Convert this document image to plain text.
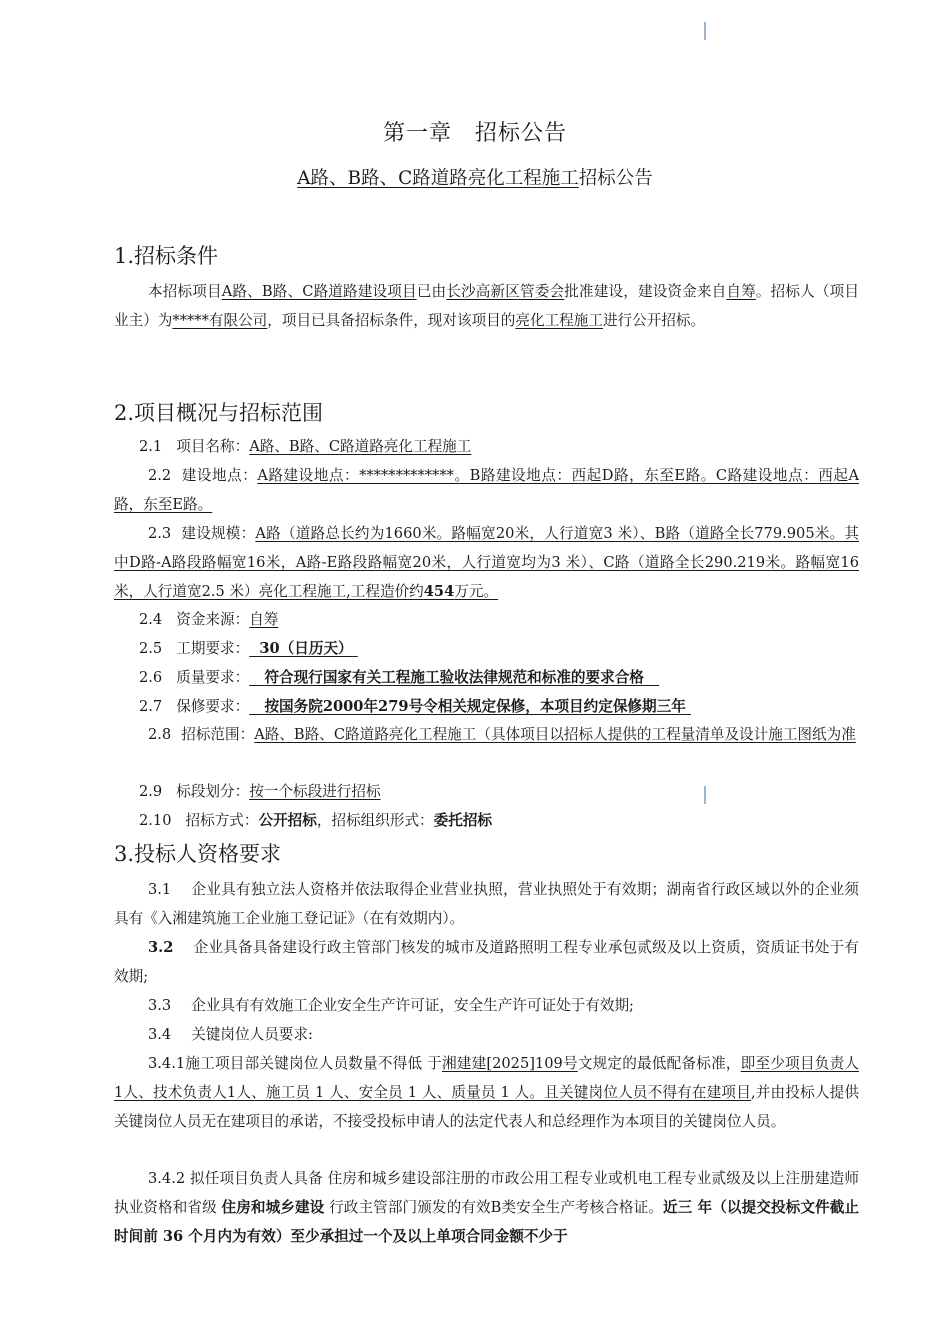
第一章　招标公告
A路、B路、C路道路亮化工程施工招标公告
1.招标条件
本招标项目A路、B路、C路道路建设项目已由长沙高新区管委会批准建设，建设资金来自自筹。招标人（项目业主）为*****有限公司，项目已具备招标条件，现对该项目的亮化工程施工进行公开招标。
2.项目概况与招标范围
2.1 项目名称：A路、B路、C路道路亮化工程施工
2.2 建设地点：A路建设地点：*************。B路建设地点：西起D路，东至E路。C路建设地点：西起A路，东至E路。
2.3 建设规模：A路（道路总长约为1660米。路幅宽20米，人行道宽3 米）、B路（道路全长779.905米。其中D路-A路段路幅宽16米，A路-E路段路幅宽20米，人行道宽均为3 米）、C路（道路全长290.219米。路幅宽16米，人行道宽2.5 米）亮化工程施工,工程造价约454万元。
2.4 资金来源：自筹
2.5 工期要求： 30（日历天）
2.6 质量要求： 符合现行国家有关工程施工验收法律规范和标准的要求合格
2.7 保修要求： 按国务院2000年279号令相关规定保修，本项目约定保修期三年
2.8 招标范围：A路、B路、C路道路亮化工程施工（具体项目以招标人提供的工程量清单及设计施工图纸为准
2.9 标段划分：按一个标段进行招标
2.10 招标方式：公开招标，招标组织形式：委托招标
3.投标人资格要求
3.1 企业具有独立法人资格并依法取得企业营业执照，营业执照处于有效期；湖南省行政区域以外的企业须具有《入湘建筑施工企业施工登记证》（在有效期内）。
3.2 企业具备具备建设行政主管部门核发的城市及道路照明工程专业承包贰级及以上资质，资质证书处于有效期;
3.3 企业具有有效施工企业安全生产许可证，安全生产许可证处于有效期;
3.4 关键岗位人员要求:
3.4.1施工项目部关键岗位人员数量不得低 于湘建建[2025]109号文规定的最低配备标准，即至少项目负责人1人、技术负责人1人、施工员 1 人、安全员 1 人、质量员 1 人。且关键岗位人员不得有在建项目,并由投标人提供关键岗位人员无在建项目的承诺，不接受投标申请人的法定代表人和总经理作为本项目的关键岗位人员。
3.4.2 拟任项目负责人具备 住房和城乡建设部注册的市政公用工程专业或机电工程专业贰级及以上注册建造师执业资格和省级 住房和城乡建设 行政主管部门颁发的有效B类安全生产考核合格证。近三 年（以提交投标文件截止时间前 36 个月内为有效）至少承担过一个及以上单项合同金额不少于
